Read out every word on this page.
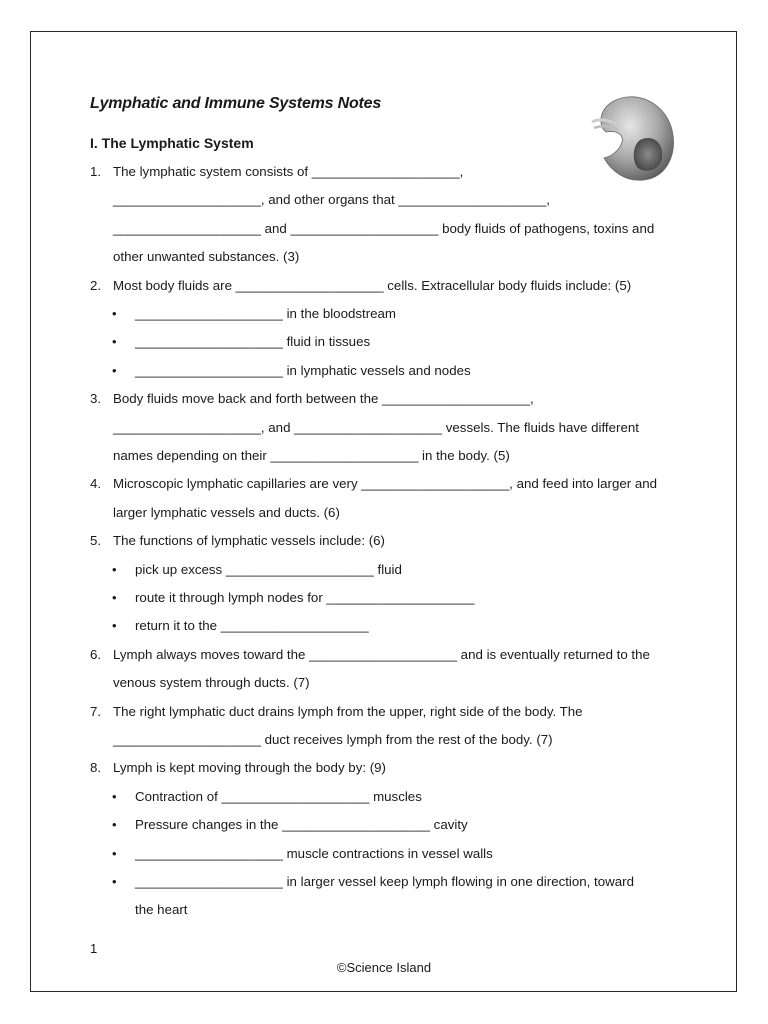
Lymphatic and Immune Systems Notes
I. The Lymphatic System
1. The lymphatic system consists of ____________________,
____________________, and other organs that ____________________,
____________________ and ____________________ body fluids of pathogens, toxins and
other unwanted substances. (3)
2. Most body fluids are ____________________ cells. Extracellular body fluids include: (5)
• ____________________ in the bloodstream
• ____________________ fluid in tissues
• ____________________ in lymphatic vessels and nodes
3. Body fluids move back and forth between the ____________________,
____________________, and ____________________ vessels. The fluids have different
names depending on their ____________________ in the body. (5)
4. Microscopic lymphatic capillaries are very ____________________, and feed into larger and
larger lymphatic vessels and ducts. (6)
5. The functions of lymphatic vessels include: (6)
• pick up excess ____________________ fluid
• route it through lymph nodes for ____________________
• return it to the ____________________
6. Lymph always moves toward the ____________________ and is eventually returned to the
venous system through ducts. (7)
7. The right lymphatic duct drains lymph from the upper, right side of the body. The
____________________ duct receives lymph from the rest of the body. (7)
8. Lymph is kept moving through the body by: (9)
• Contraction of ____________________ muscles
• Pressure changes in the ____________________ cavity
• ____________________ muscle contractions in vessel walls
• ____________________ in larger vessel keep lymph flowing in one direction, toward
the heart
1
©Science Island
